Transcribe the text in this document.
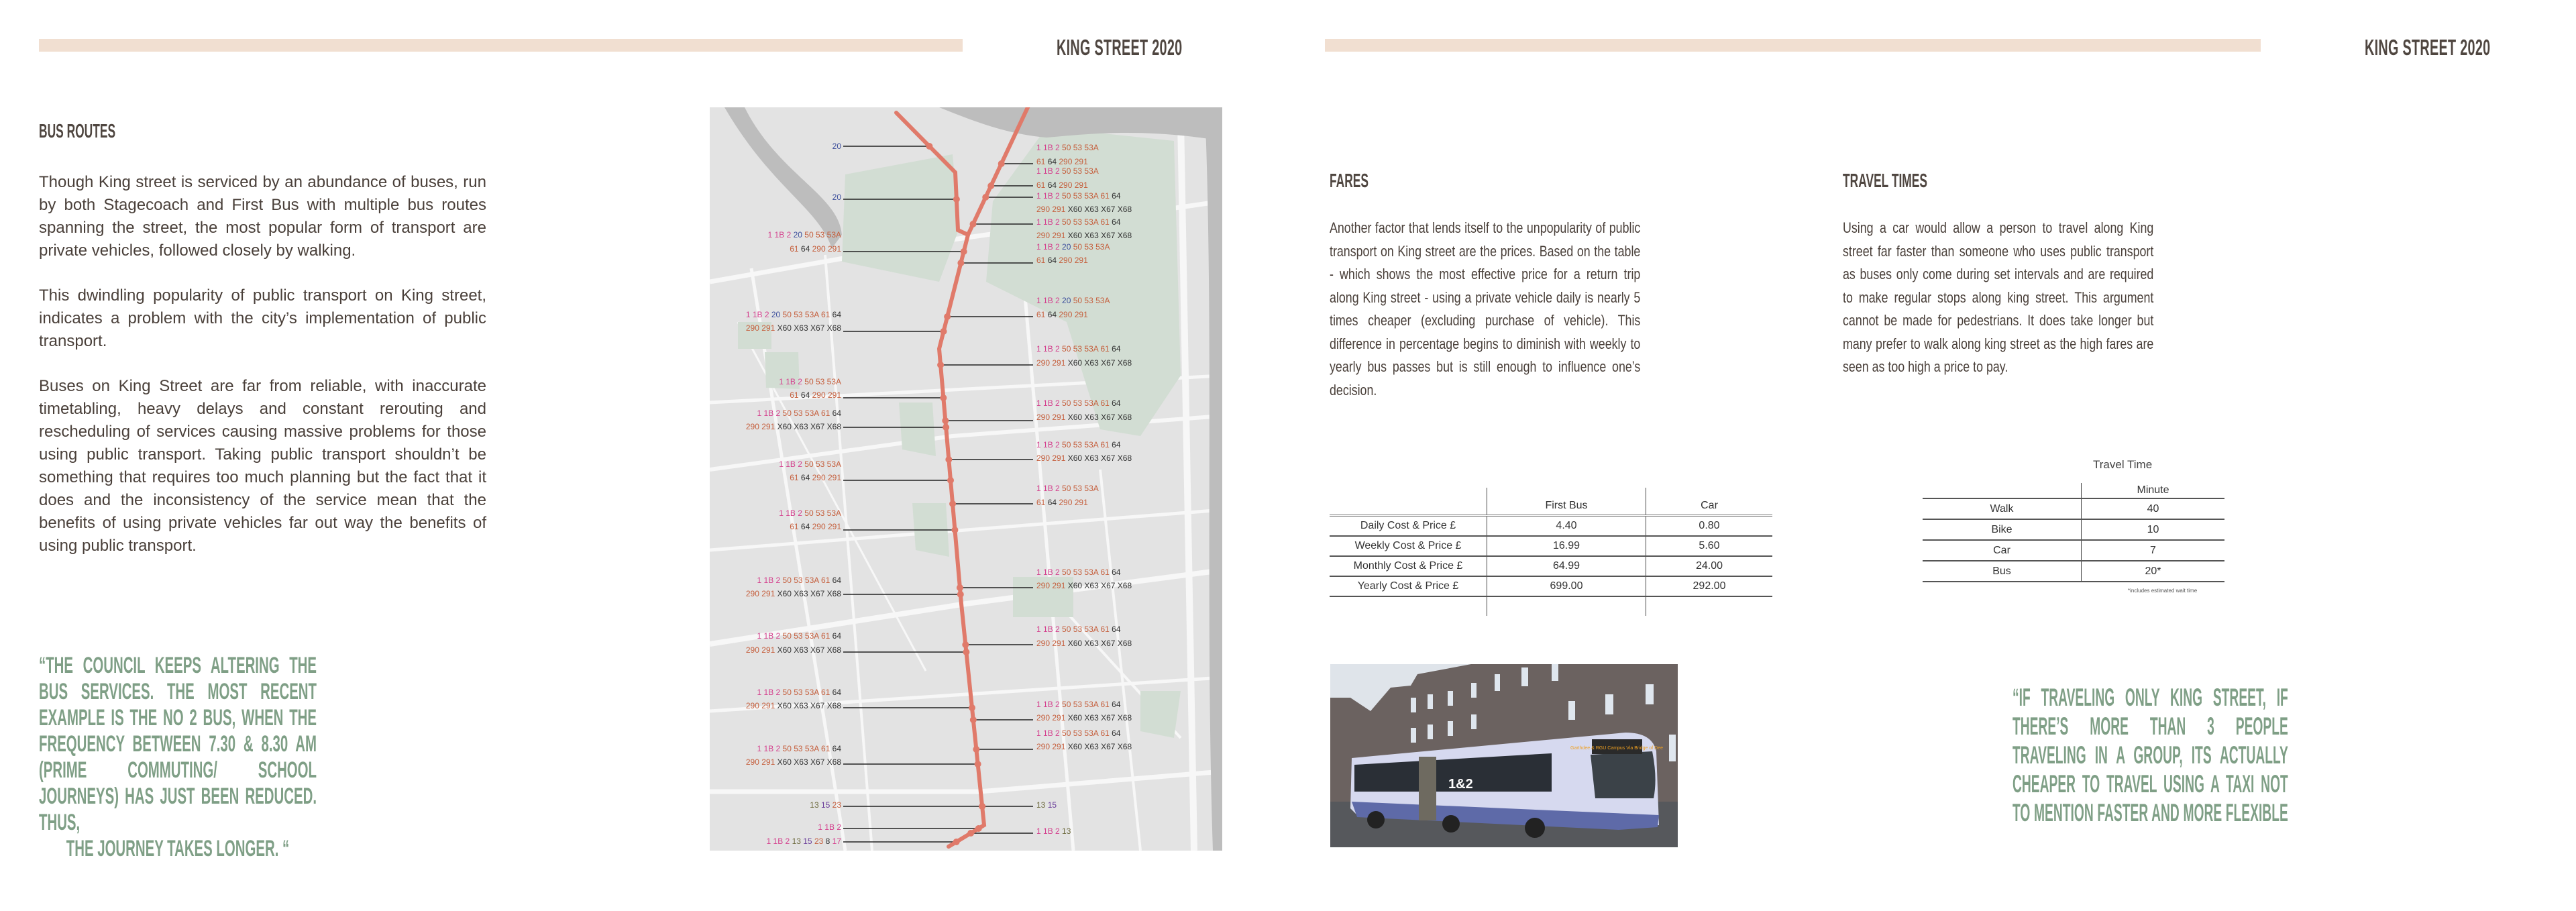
KING STREET 2020	KING STREET 2020
BUS ROUTES

Though King street is serviced by an abundance of buses, run by both Stagecoach and First Bus with multiple bus routes spanning the street, the most popular form of transport are private vehicles, followed closely by walking.

This dwindling popularity of public transport on King street, indicates a problem with the city’s implementation of public transport.

Buses on King Street are far from reliable, with inaccurate timetabling, heavy delays and constant rerouting and rescheduling of services causing massive problems for those using public transport. Taking public transport shouldn’t be something that requires too much planning but the fact that it does and the inconsistency of the service mean that the benefits of using private vehicles far out way the benefits of using public transport.

“THE COUNCIL KEEPS ALTERING THE BUS SERVICES. THE MOST RECENT EXAMPLE IS THE NO 2 BUS, WHEN THE FREQUENCY BETWEEN 7.30 & 8.30 AM (PRIME COMMUTING/ SCHOOL JOURNEYS) HAS JUST BEEN REDUCED. THUS,
THE JOURNEY TAKES LONGER. “
20	1 1B 2 50 53 53A
61 64 290 291
1 1B 2 50 53 53A
61 64 290 291
1 1B 2 50 53 53A 61 64
20
290 291 X60 X63 X67 X68
1 1B 2 50 53 53A 61 64
1 1B 2 20 50 53 53A	290 291 X60 X63 X67 X68
1 1B 2 20 50 53 53A
61 64 290 291
61 64 290 291
1 1B 2 20 50 53 53A
61 64 290 291
1 1B 2 20 50 53 53A 61 64
290 291 X60 X63 X67 X68
1 1B 2 50 53 53A 61 64
290 291 X60 X63 X67 X68
1 1B 2 50 53 53A
61 64 290 291
1 1B 2 50 53 53A 61 64
1 1B 2 50 53 53A 61 64	290 291 X60 X63 X67 X68
290 291 X60 X63 X67 X68
1 1B 2 50 53 53A 61 64
290 291 X60 X63 X67 X68
1 1B 2 50 53 53A
61 64 290 291
1 1B 2 50 53 53A
61 64 290 291
1 1B 2 50 53 53A
61 64 290 291
1 1B 2 50 53 53A 61 64
1 1B 2 50 53 53A 61 64
290 291 X60 X63 X67 X68
290 291 X60 X63 X67 X68
1 1B 2 50 53 53A 61 64
1 1B 2 50 53 53A 61 64
290 291 X60 X63 X67 X68
290 291 X60 X63 X67 X68
1 1B 2 50 53 53A 61 64
1 1B 2 50 53 53A 61 64
290 291 X60 X63 X67 X68
290 291 X60 X63 X67 X68
1 1B 2 50 53 53A 61 64
290 291 X60 X63 X67 X68
1 1B 2 50 53 53A 61 64
290 291 X60 X63 X67 X68
13 15 23	13 15
1 1B 2	1 1B 2 13
1 1B 2 13 15 23 8 17
FARES

Another factor that lends itself to the unpopularity of public transport on King street are the prices. Based on the table - which shows the most effective price for a return trip along King street - using a private vehicle daily is nearly 5 times cheaper (excluding purchase of vehicle). This difference in percentage begins to diminish with weekly to yearly bus passes but is still enough to influence one’s decision.

TRAVEL TIMES

Using a car would allow a person to travel along King street far faster than someone who uses public transport as buses only come during set intervals and are required to make regular stops along king street. This argument cannot be made for pedestrians. It does take longer but many prefer to walk along king street as the high fares are seen as too high a price to pay.

	First Bus	Car
Daily Cost & Price £	4.40	0.80
Weekly Cost & Price £	16.99	5.60
Monthly Cost & Price £	64.99	24.00
Yearly Cost & Price £	699.00	292.00

Travel Time
	Minute
Walk	40
Bike	10
Car	7
Bus	20*
*includes estimated wait time
Garthdee & RGU Campus Via Bridge of Dee
1&2
“IF TRAVELING ONLY KING STREET, IF THERE’S MORE THAN 3 PEOPLE TRAVELING IN A GROUP, ITS ACTUALLY CHEAPER TO TRAVEL USING A TAXI NOT TO MENTION FASTER AND MORE FLEXIBLE
